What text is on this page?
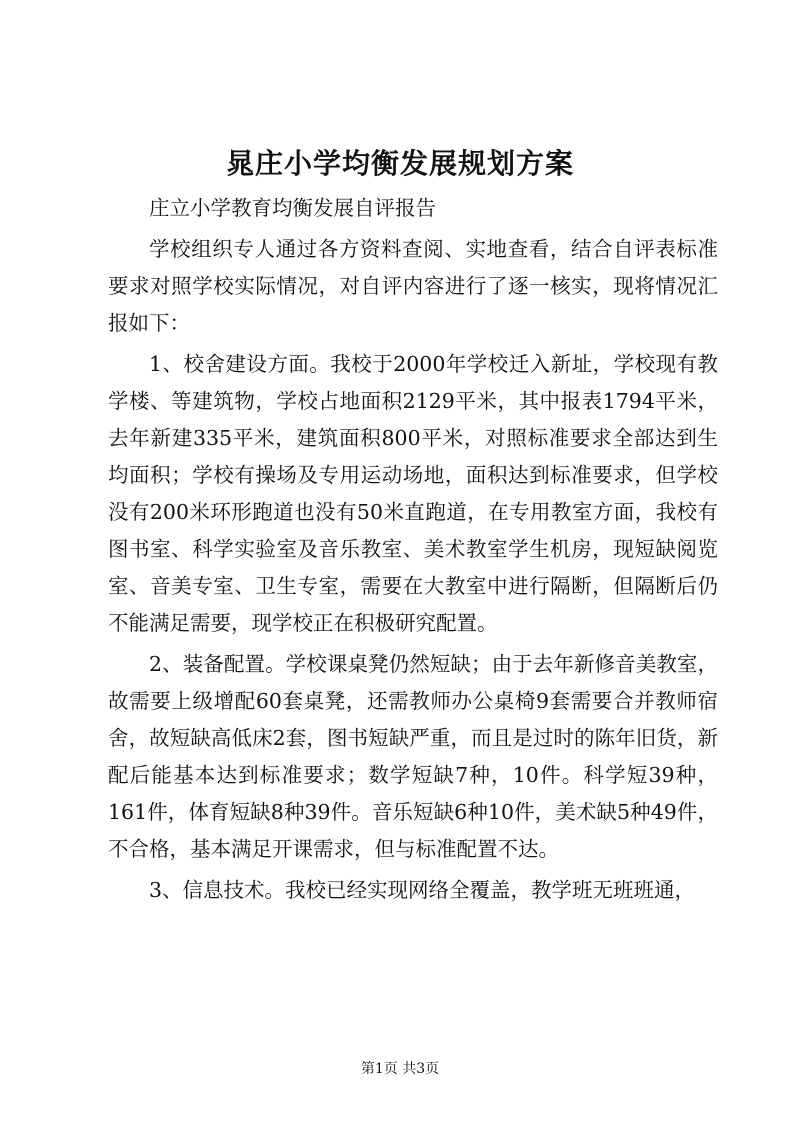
晁庄小学均衡发展规划方案

庄立小学教育均衡发展自评报告

学校组织专人通过各方资料查阅、实地查看，结合自评表标准要求对照学校实际情况，对自评内容进行了逐一核实，现将情况汇报如下：

1、校舍建设方面。我校于2000年学校迁入新址，学校现有教学楼、等建筑物，学校占地面积2129平米，其中报表1794平米，去年新建335平米，建筑面积800平米，对照标准要求全部达到生均面积；学校有操场及专用运动场地，面积达到标准要求，但学校没有200米环形跑道也没有50米直跑道，在专用教室方面，我校有图书室、科学实验室及音乐教室、美术教室学生机房，现短缺阅览室、音美专室、卫生专室，需要在大教室中进行隔断，但隔断后仍不能满足需要，现学校正在积极研究配置。

2、装备配置。学校课桌凳仍然短缺；由于去年新修音美教室，故需要上级增配60套桌凳，还需教师办公桌椅9套需要合并教师宿舍，故短缺高低床2套，图书短缺严重，而且是过时的陈年旧货，新配后能基本达到标准要求；数学短缺7种，10件。科学短39种，161件，体育短缺8种39件。音乐短缺6种10件，美术缺5种49件，不合格，基本满足开课需求，但与标准配置不达。

3、信息技术。我校已经实现网络全覆盖，教学班无班班通，

第1页 共3页
